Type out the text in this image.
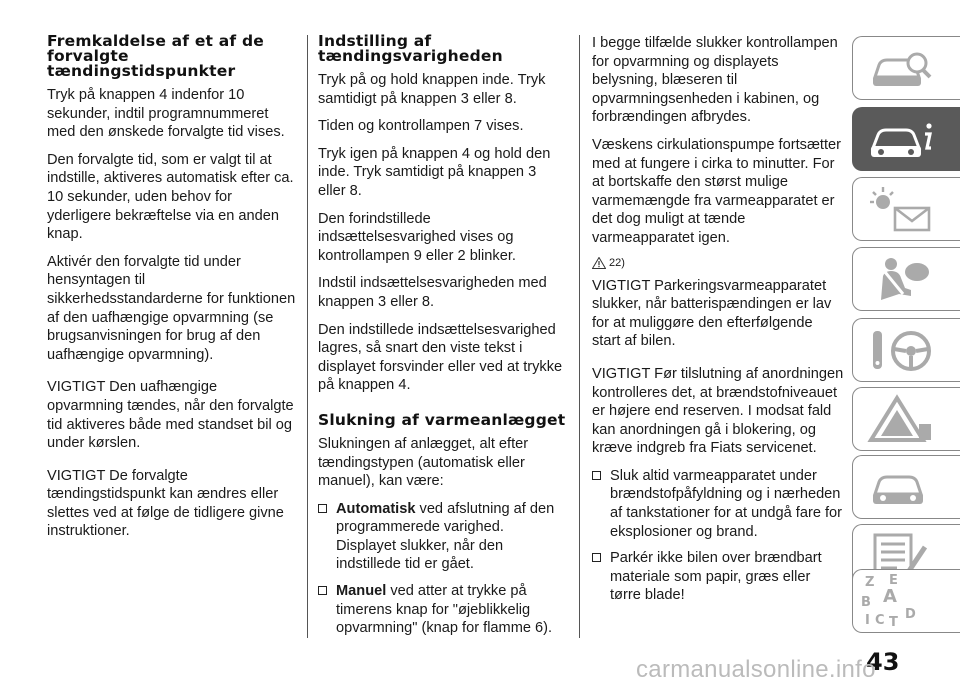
Fremkaldelse af et af de forvalgte tændingstidspunkter

Tryk på knappen 4 indenfor 10 sekunder, indtil programnummeret med den ønskede forvalgte tid vises.

Den forvalgte tid, som er valgt til at indstille, aktiveres automatisk efter ca. 10 sekunder, uden behov for yderligere bekræftelse via en anden knap.

Aktivér den forvalgte tid under hensyntagen til sikkerhedsstandarderne for funktionen af den uafhængige opvarmning (se brugsanvisningen for brug af den uafhængige opvarmning).

VIGTIGT Den uafhængige opvarmning tændes, når den forvalgte tid aktiveres både med standset bil og under kørslen.

VIGTIGT De forvalgte tændingstidspunkt kan ændres eller slettes ved at følge de tidligere givne instruktioner.

Indstilling af tændingsvarigheden

Tryk på og hold knappen inde. Tryk samtidigt på knappen 3 eller 8.

Tiden og kontrollampen 7 vises.

Tryk igen på knappen 4 og hold den inde. Tryk samtidigt på knappen 3 eller 8.

Den forindstillede indsættelsesvarighed vises og kontrollampen 9 eller 2 blinker.

Indstil indsættelsesvarigheden med knappen 3 eller 8.

Den indstillede indsættelsesvarighed lagres, så snart den viste tekst i displayet forsvinder eller ved at trykke på knappen 4.

Slukning af varmeanlægget

Slukningen af anlægget, alt efter tændingstypen (automatisk eller manuel), kan være:

Automatisk ved afslutning af den programmerede varighed. Displayet slukker, når den indstillede tid er gået.
Manuel ved atter at trykke på timerens knap for "øjeblikkelig opvarmning" (knap for flamme 6).

I begge tilfælde slukker kontrollampen for opvarmning og displayets belysning, blæseren til opvarmningsenheden i kabinen, og forbrændingen afbrydes.

Væskens cirkulationspumpe fortsætter med at fungere i cirka to minutter. For at bortskaffe den størst mulige varmemængde fra varmeapparatet er det dog muligt at tænde varmeapparatet igen.

22)

VIGTIGT Parkeringsvarmeapparatet slukker, når batterispændingen er lav for at muliggøre den efterfølgende start af bilen.

VIGTIGT Før tilslutning af anordningen kontrolleres det, at brændstofniveauet er højere end reserven. I modsat fald kan anordningen gå i blokering, og kræve indgreb fra Fiats servicenet.

Sluk altid varmeapparatet under brændstofpåfyldning og i nærheden af tankstationer for at undgå fare for eksplosioner og brand.
Parkér ikke bilen over brændbart materiale som papir, græs eller tørre blade!
Z E
B A
I C T
D
43
carmanualsonline.info
